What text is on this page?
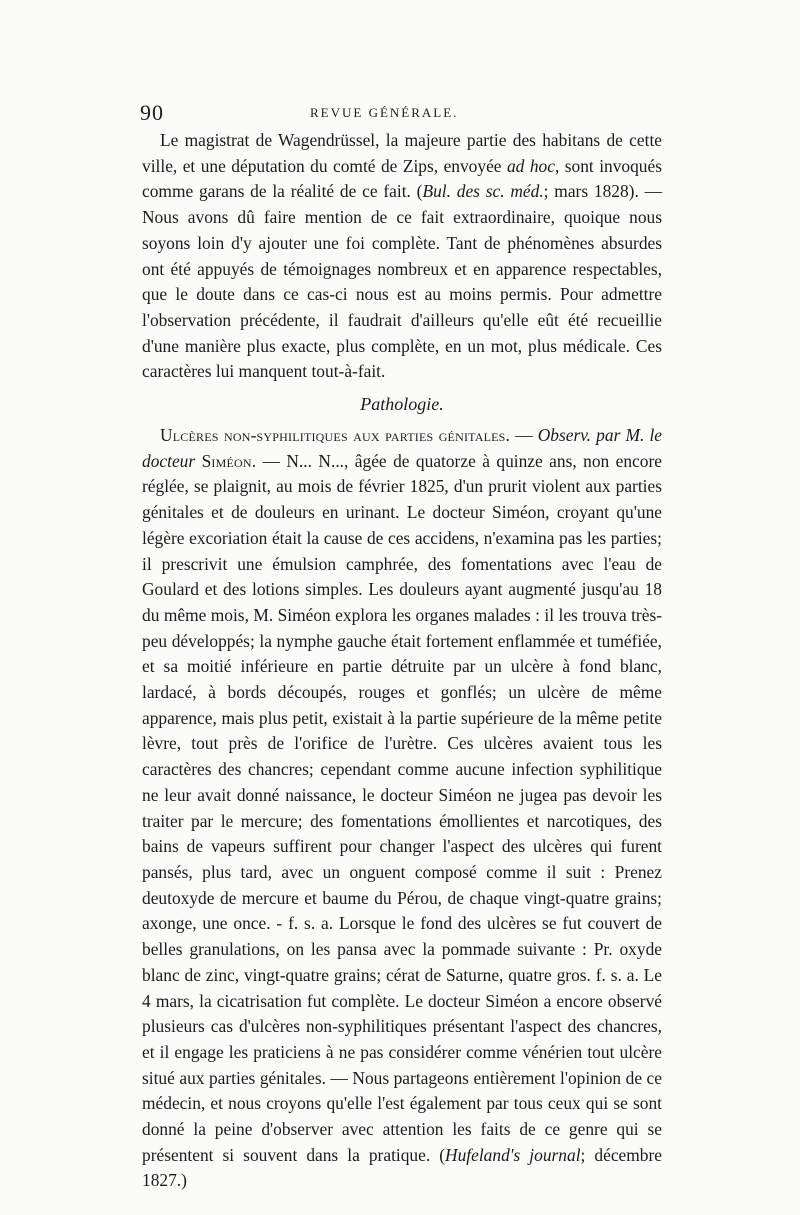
90	REVUE GÉNÉRALE.

Le magistrat de Wagendrüssel, la majeure partie des habitans de cette ville, et une députation du comté de Zips, envoyée ad hoc, sont invoqués comme garans de la réalité de ce fait. (Bul. des sc. méd.; mars 1828). — Nous avons dû faire mention de ce fait extraordinaire, quoique nous soyons loin d'y ajouter une foi complète. Tant de phénomènes absurdes ont été appuyés de témoignages nombreux et en apparence respectables, que le doute dans ce cas-ci nous est au moins permis. Pour admettre l'observation précédente, il faudrait d'ailleurs qu'elle eût été recueillie d'une manière plus exacte, plus complète, en un mot, plus médicale. Ces caractères lui manquent tout-à-fait.

Pathologie.

Ulcères non-syphilitiques aux parties génitales. — Observ. par M. le docteur Siméon. — N... N..., âgée de quatorze à quinze ans, non encore réglée, se plaignit, au mois de février 1825, d'un prurit violent aux parties génitales et de douleurs en urinant. Le docteur Siméon, croyant qu'une légère excoriation était la cause de ces accidens, n'examina pas les parties; il prescrivit une émulsion camphrée, des fomentations avec l'eau de Goulard et des lotions simples. Les douleurs ayant augmenté jusqu'au 18 du même mois, M. Siméon explora les organes malades : il les trouva très-peu développés; la nymphe gauche était fortement enflammée et tuméfiée, et sa moitié inférieure en partie détruite par un ulcère à fond blanc, lardacé, à bords découpés, rouges et gonflés; un ulcère de même apparence, mais plus petit, existait à la partie supérieure de la même petite lèvre, tout près de l'orifice de l'urètre. Ces ulcères avaient tous les caractères des chancres; cependant comme aucune infection syphilitique ne leur avait donné naissance, le docteur Siméon ne jugea pas devoir les traiter par le mercure; des fomentations émollientes et narcotiques, des bains de vapeurs suffirent pour changer l'aspect des ulcères qui furent pansés, plus tard, avec un onguent composé comme il suit : Prenez deutoxyde de mercure et baume du Pérou, de chaque vingt-quatre grains; axonge, une once. - f. s. a. Lorsque le fond des ulcères se fut couvert de belles granulations, on les pansa avec la pommade suivante : Pr. oxyde blanc de zinc, vingt-quatre grains; cérat de Saturne, quatre gros. f. s. a. Le 4 mars, la cicatrisation fut complète. Le docteur Siméon a encore observé plusieurs cas d'ulcères non-syphilitiques présentant l'aspect des chancres, et il engage les praticiens à ne pas considérer comme vénérien tout ulcère situé aux parties génitales. — Nous partageons entièrement l'opinion de ce médecin, et nous croyons qu'elle l'est également par tous ceux qui se sont donné la peine d'observer avec attention les faits de ce genre qui se présentent si souvent dans la pratique. (Hufeland's journal; décembre 1827.)
